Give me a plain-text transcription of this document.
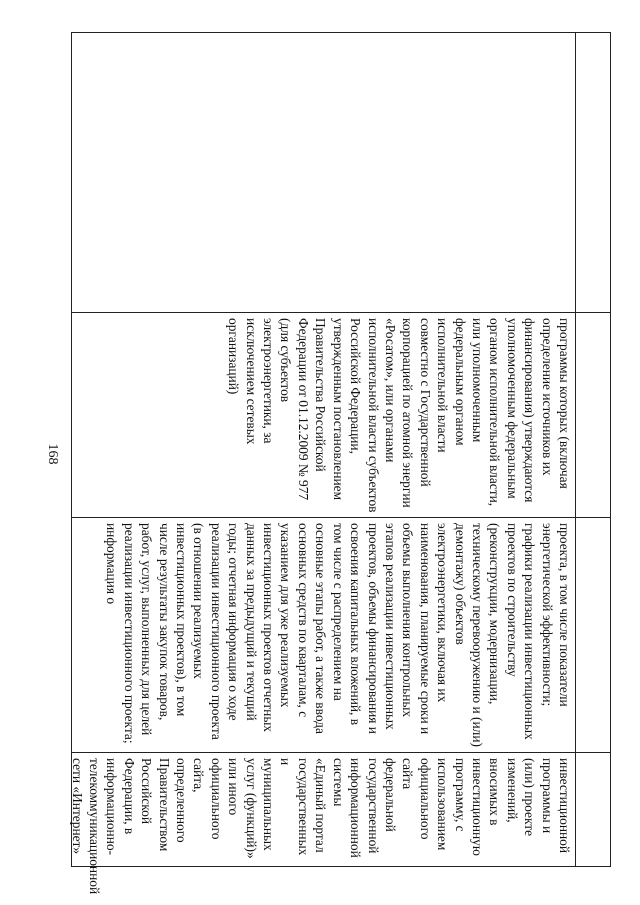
168	программы которых (включая определение источников их финансирования) утверждаются уполномоченным федеральным органом исполнительной власти, или уполномоченным федеральным органом исполнительной власти совместно с Государственной корпорацией по атомной энергии «Росатом», или органами исполнительной власти субъектов Российской Федерации, утвержденным постановлением Правительства Российской Федерации от 01.12.2009 № 977 (для субъектов электроэнергетики, за исключением сетевых организаций)
проекта, в том числе показатели энергетической эффективности; графики реализации инвестиционных проектов по строительству (реконструкции, модернизации, техническому перевооружению и (или) демонтажу) объектов электроэнергетики, включая их наименования, планируемые сроки и объемы выполнения контрольных этапов реализации инвестиционных проектов, объемы финансирования и освоения капитальных вложений, в том числе с распределением на основные этапы работ, а также ввода основных средств по кварталам, с указанием для уже реализуемых инвестиционных проектов отчетных данных за предыдущий и текущий годы; отчетная информация о ходе реализации инвестиционного проекта (в отношении реализуемых инвестиционных проектов), в том числе результаты закупок товаров, работ, услуг, выполненных для целей реализации инвестиционного проекта; информация о
инвестиционной программы и (или) проекте изменений, вносимых в инвестиционную программу, с использованием официального сайта федеральной государственной информационной системы «Единый портал государственных и муниципальных услуг (функций)» или иного официального сайта, определенного Правительством Российской Федерации, в информационно-телекоммуникационной сети «Интернет»
